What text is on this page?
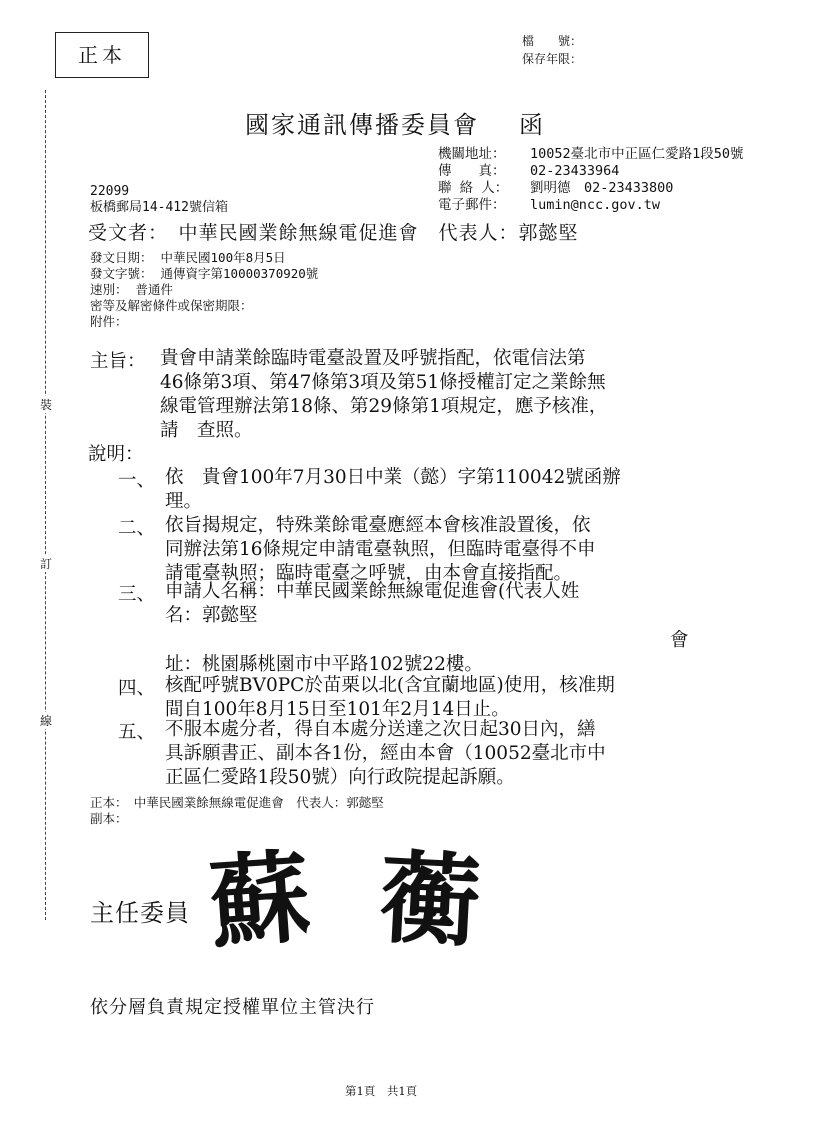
正本
檔　　號：
保存年限：
裝
訂
線
國家通訊傳播委員會 函
機關地址：	10052臺北市中正區仁愛路1段50號
傳　　真：	02-23433964
聯 絡 人：	劉明德　02-23433800
電子郵件：	lumin@ncc.gov.tw
22099
板橋郵局14-412號信箱
受文者：　中華民國業餘無線電促進會　代表人：郭懿堅
發文日期： 中華民國100年8月5日
發文字號： 通傳資字第10000370920號
速別： 普通件
密等及解密條件或保密期限：
附件：
主旨： 貴會申請業餘臨時電臺設置及呼號指配，依電信法第
46條第3項、第47條第3項及第51條授權訂定之業餘無
線電管理辦法第18條、第29條第1項規定，應予核准，
請　查照。
說明：
一、 依　貴會100年7月30日中業（懿）字第110042號函辦
理。
二、 依旨揭規定，特殊業餘電臺應經本會核准設置後，依
同辦法第16條規定申請電臺執照，但臨時電臺得不申
請電臺執照；臨時電臺之呼號，由本會直接指配。
三、 申請人名稱：中華民國業餘無線電促進會(代表人姓
名：郭懿堅
會
址：桃園縣桃園市中平路102號22樓。
四、 核配呼號BV0PC於苗栗以北(含宜蘭地區)使用，核准期
間自100年8月15日至101年2月14日止。
五、 不服本處分者，得自本處分送達之次日起30日內，繕
具訴願書正、副本各1份，經由本會（10052臺北市中
正區仁愛路1段50號）向行政院提起訴願。
正本：　中華民國業餘無線電促進會　代表人：郭懿堅
副本：
主任委員 蘇 蘅
依分層負責規定授權單位主管決行
第1頁　共1頁
